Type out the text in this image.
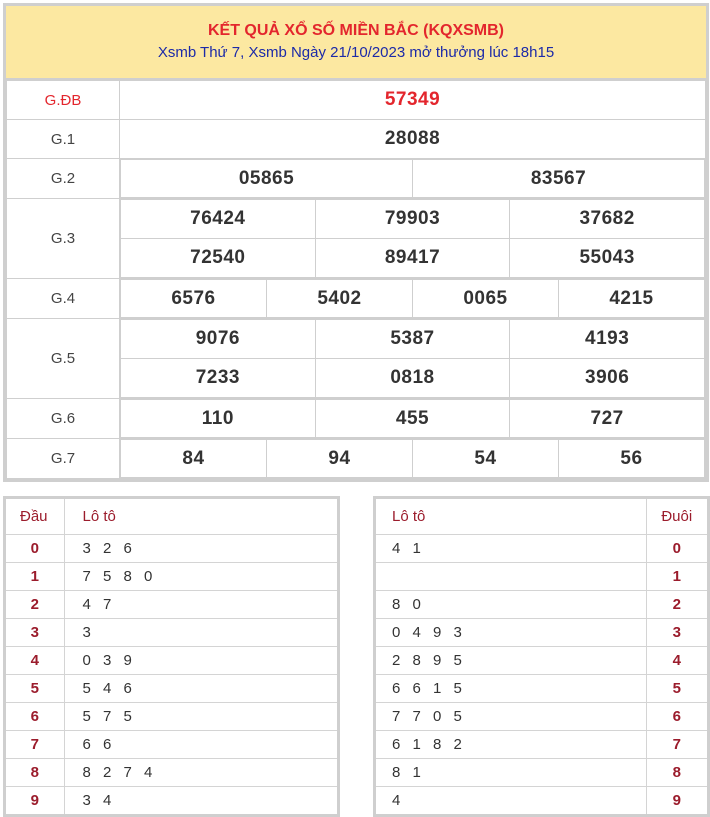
KẾT QUẢ XỔ SỐ MIỀN BẮC (KQXSMB)
Xsmb Thứ 7, Xsmb Ngày 21/10/2023 mở thưởng lúc 18h15
G.ĐB	57349
G.1	28088
G.2		05865	83567

G.3	
76424	79903	37682
72540	89417	55043

G.4		6576	5402	0065	4215

G.5	
9076	5387	4193
7233	0818	3906

G.6		110	455	727

G.7		84	94	54	56
Đầu	Lô tô
0	3 2 6
1	7 5 8 0
2	4 7
3	3
4	0 3 9
5	5 4 6
6	5 7 5
7	6 6
8	8 2 7 4
9	3 4
Lô tô	Đuôi
4 1	0
	1
8 0	2
0 4 9 3	3
2 8 9 5	4
6 6 1 5	5
7 7 0 5	6
6 1 8 2	7
8 1	8
4	9
